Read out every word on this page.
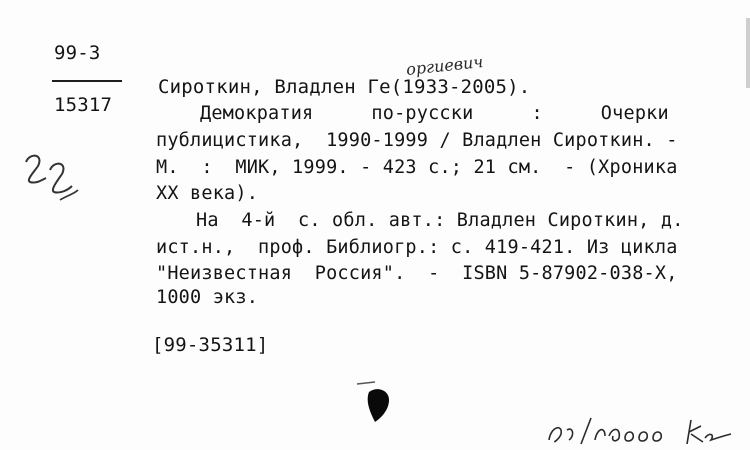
99-3
15317
Сироткин, Владлен Ге(1933-2005).
оргиевич
Демократия   по-русски   :   Очерки
публицистика,  1990-1999 / Владлен Сироткин. -
М.  :  МИК, 1999. - 423 с.; 21 см.  - (Хроника
XX века).
На  4-й  с. обл. авт.: Владлен Сироткин, д.
ист.н.,  проф. Библиогр.: с. 419-421. Из цикла
"Неизвестная  Россия".  -  ISBN 5-87902-038-X,
1000 экз.
[99-35311]
